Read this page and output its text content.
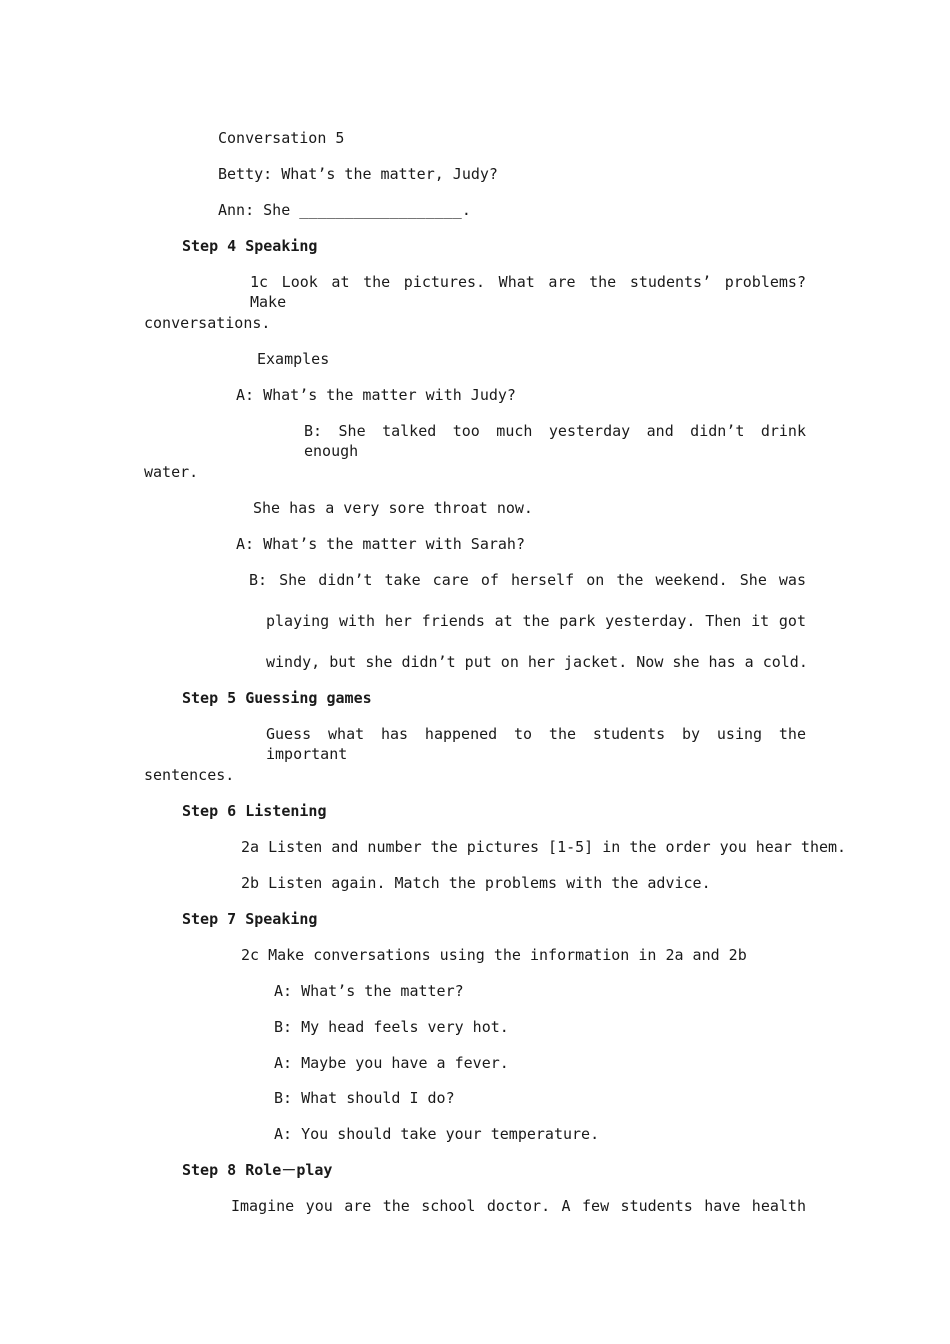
Conversation 5
Betty: What’s the matter, Judy?
Ann: She __________________.
Step 4 Speaking
1c Look at the pictures. What are the students’ problems? Make
conversations.
Examples
A: What’s the matter with Judy?
B: She talked too much yesterday and didn’t drink enough
water.
She has a very sore throat now.
A: What’s the matter with Sarah?
B: She didn’t take care of herself on the weekend. She was
playing with her friends at the park yesterday. Then it got
windy, but she didn’t put on her jacket. Now she has a cold.
Step 5 Guessing games
Guess what has happened to the students by using the important
sentences.
Step 6 Listening
2a Listen and number the pictures [1-5] in the order you hear them.
2b Listen again. Match the problems with the advice.
Step 7 Speaking
2c Make conversations using the information in 2a and 2b
A: What’s the matter?
B: My head feels very hot.
A: Maybe you have a fever.
B: What should I do?
A: You should take your temperature.
Step 8 Role－play
Imagine you are the school doctor. A few students have health
